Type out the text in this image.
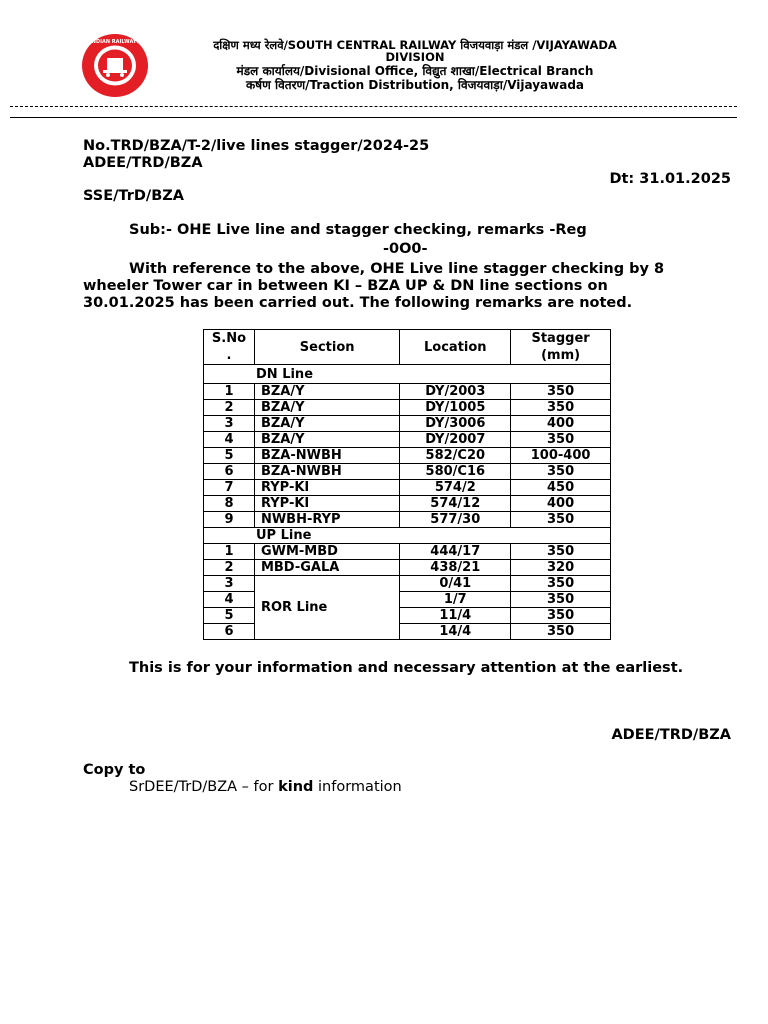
INDIAN RAILWAYS	दक्षिण मध्य रेलवे/SOUTH CENTRAL RAILWAY विजयवाड़ा मंडल /VIJAYAWADA
DIVISION
मंडल कार्यालय/Divisional Office, विद्युत शाखा/Electrical Branch
कर्षण वितरण/Traction Distribution, विजयवाड़ा/Vijayawada
No.TRD/BZA/T-2/live lines stagger/2024-25
ADEE/TRD/BZA
Dt: 31.01.2025
SSE/TrD/BZA
Sub:- OHE Live line and stagger checking, remarks -Reg
-0O0-
With reference to the above, OHE Live line stagger checking by 8
wheeler Tower car in between KI – BZA UP & DN line sections on
30.01.2025 has been carried out. The following remarks are noted.
S.No
.	Section	Location	Stagger
(mm)
DN Line			
1	BZA/Y	DY/2003	350
2	BZA/Y	DY/1005	350
3	BZA/Y	DY/3006	400
4	BZA/Y	DY/2007	350
5	BZA-NWBH	582/C20	100-400
6	BZA-NWBH	580/C16	350
7	RYP-KI	574/2	450
8	RYP-KI	574/12	400
9	NWBH-RYP	577/30	350
UP Line			
1	GWM-MBD	444/17	350
2	MBD-GALA	438/21	320
3	ROR Line	0/41	350
4		1/7	350
5		11/4	350
6		14/4	350
This is for your information and necessary attention at the earliest.
ADEE/TRD/BZA
Copy to
SrDEE/TrD/BZA – for kind information
